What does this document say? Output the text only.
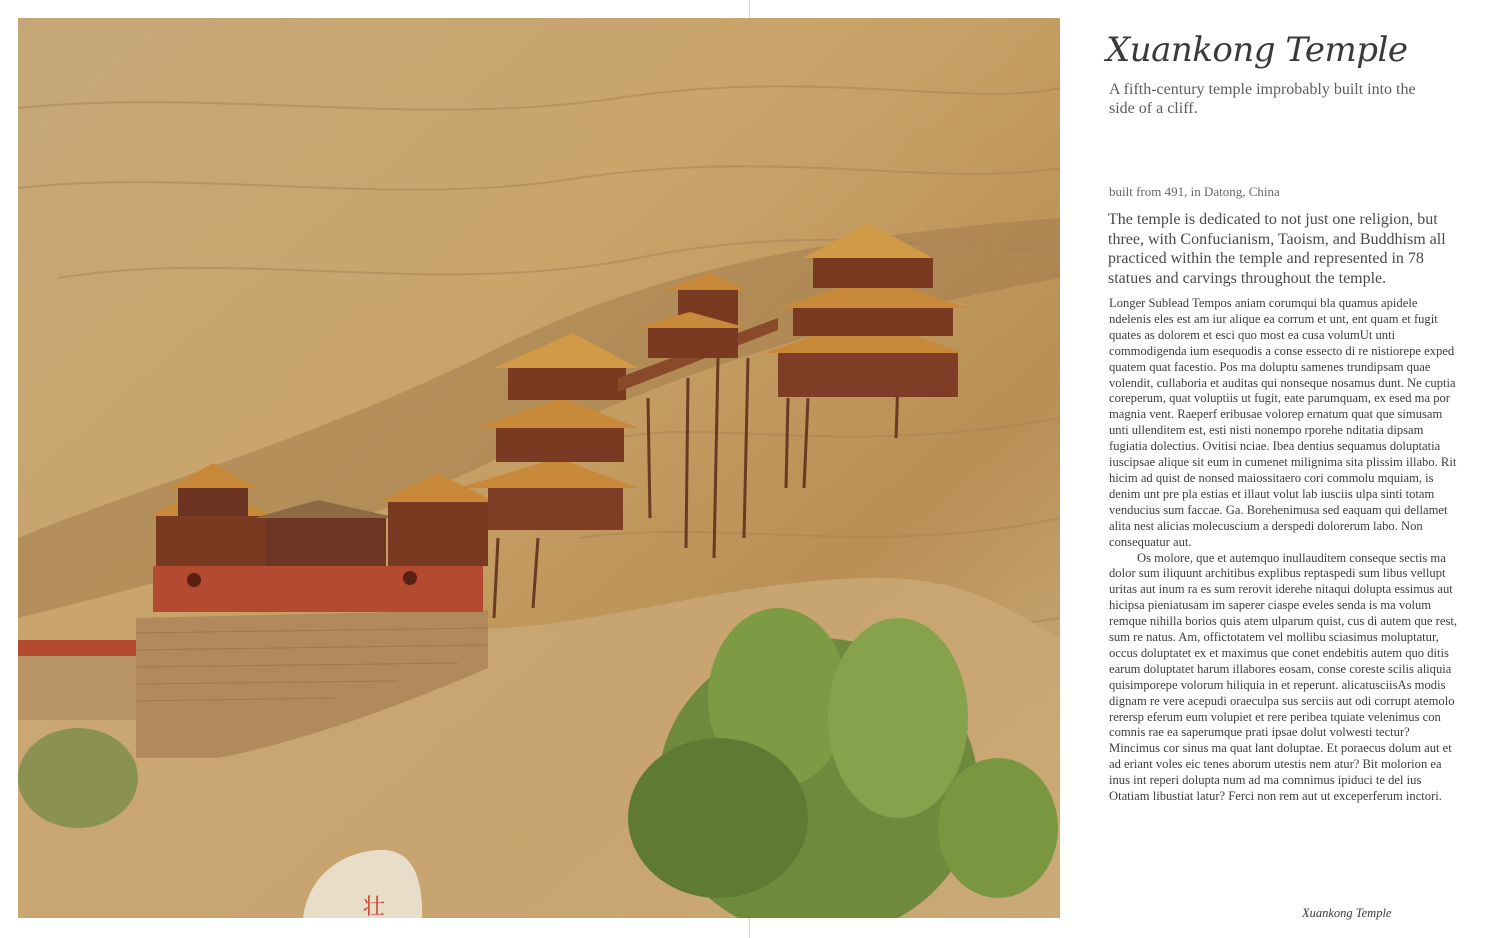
壮
Xuankong Temple
A fifth-century temple improbably built into the side of a cliff.
built from 491, in Datong, China
The temple is dedicated to not just one religion, but three, with Confucianism, Taoism, and Buddhism all practiced within the temple and represented in 78 statues and carvings throughout the temple.

Longer Sublead Tempos aniam corumqui bla quamus apidele ndelenis eles est am iur alique ea corrum et unt, ent quam et fugit quates as dolorem et esci quo most ea cusa volumUt unti commodigenda ium esequodis a conse essecto di re nistiorepe exped quatem quat facestio. Pos ma doluptu samenes trundipsam quae volendit, cullaboria et auditas qui nonseque nosamus dunt. Ne cuptia coreperum, quat voluptiis ut fugit, eate parumquam, ex esed ma por magnia vent. Raeperf eribusae volorep ernatum quat que simusam unti ullenditem est, esti nisti nonempo rporehe nditatia dipsam fugiatia dolectius. Ovitisi nciae. Ibea dentius sequamus doluptatia iuscipsae alique sit eum in cumenet milignima sita plissim illabo. Rit hicim ad quist de nonsed maiossitaero cori commolu mquiam, is denim unt pre pla estias et illaut volut lab iusciis ulpa sinti totam venducius sum faccae. Ga. Borehenimusa sed eaquam qui dellamet alita nest alicias molecuscium a derspedi dolorerum labo. Non consequatur aut.

Os molore, que et autemquo inullauditem conseque sectis ma dolor sum iliquunt architibus explibus reptaspedi sum libus vellupt uritas aut inum ra es sum rerovit iderehe nitaqui dolupta essimus aut hicipsa pieniatusam im saperer ciaspe eveles senda is ma volum remque nihilla borios quis atem ulparum quist, cus di autem que rest, sum re natus. Am, offictotatem vel mollibu sciasimus moluptatur, occus doluptatet ex et maximus que conet endebitis autem quo ditis earum doluptatet harum illabores eosam, conse coreste scilis aliquia quisimporepe volorum hiliquia in et reperunt. alicatusciisAs modis dignam re vere acepudi oraeculpa sus serciis aut odi corrupt atemolo rerersp eferum eum volupiet et rere peribea tquiate velenimus con comnis rae ea saperumque prati ipsae dolut volwesti tectur? Mincimus cor sinus ma quat lant doluptae. Et poraecus dolum aut et ad eriant voles eic tenes aborum utestis nem atur? Bit molorion ea inus int reperi dolupta num ad ma comnimus ipiduci te del ius Otatiam libustiat latur? Ferci non rem aut ut exceperferum inctori.

Xuankong Temple
